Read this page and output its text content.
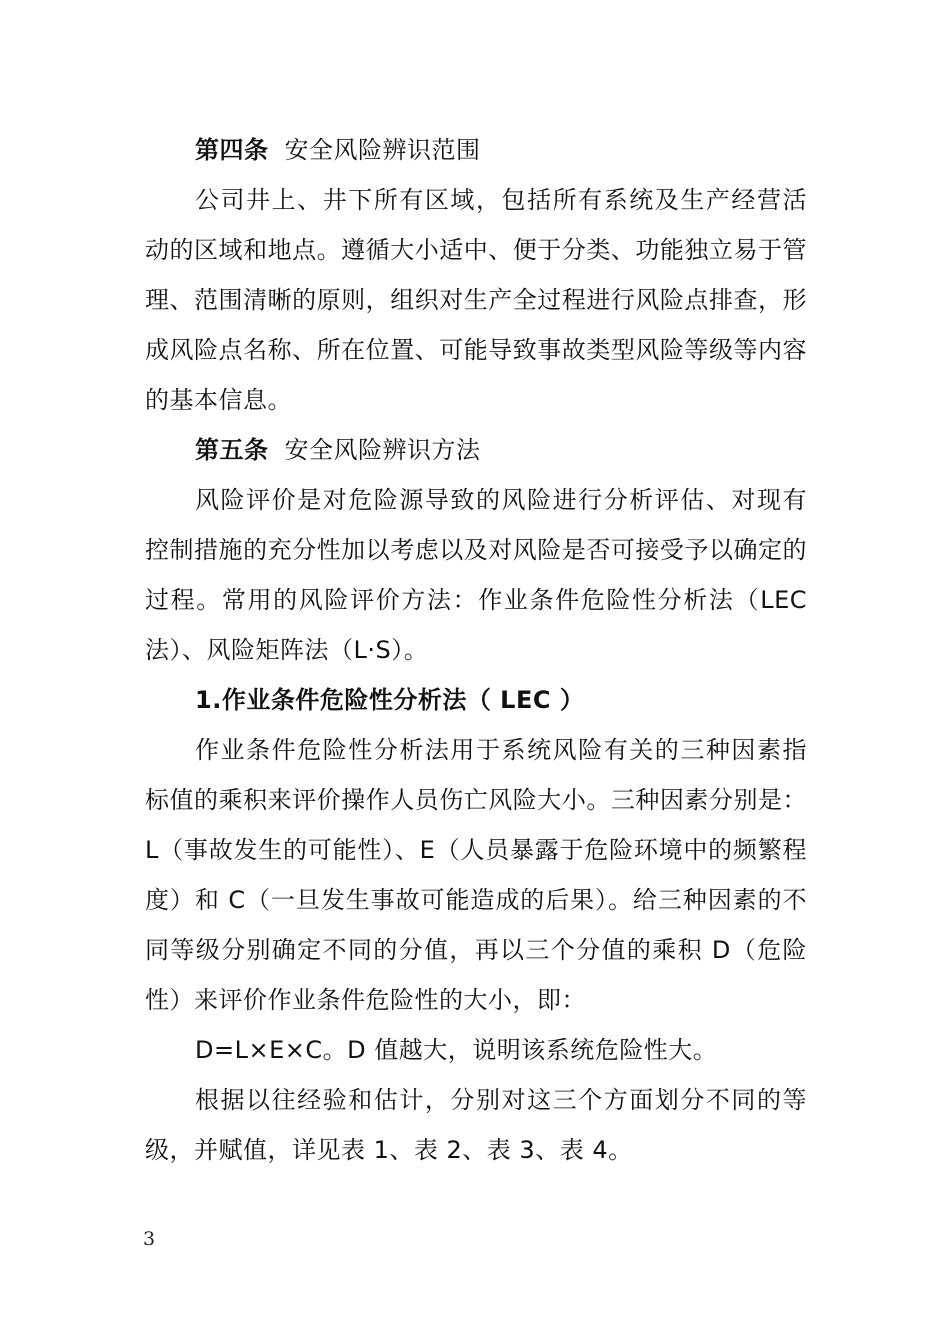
第四条 安全风险辨识范围

公司井上、井下所有区域，包括所有系统及生产经营活动的区域和地点。遵循大小适中、便于分类、功能独立易于管理、范围清晰的原则，组织对生产全过程进行风险点排查，形成风险点名称、所在位置、可能导致事故类型风险等级等内容的基本信息。

第五条 安全风险辨识方法

风险评价是对危险源导致的风险进行分析评估、对现有控制措施的充分性加以考虑以及对风险是否可接受予以确定的过程。常用的风险评价方法：作业条件危险性分析法（LEC 法）、风险矩阵法（L·S）。

1.作业条件危险性分析法（ LEC ）

作业条件危险性分析法用于系统风险有关的三种因素指标值的乘积来评价操作人员伤亡风险大小。三种因素分别是：L（事故发生的可能性）、E（人员暴露于危险环境中的频繁程度）和 C（一旦发生事故可能造成的后果）。给三种因素的不同等级分别确定不同的分值，再以三个分值的乘积 D（危险性）来评价作业条件危险性的大小，即：

D=L×E×C。D 值越大，说明该系统危险性大。

根据以往经验和估计，分别对这三个方面划分不同的等级，并赋值，详见表 1、表 2、表 3、表 4。

3
